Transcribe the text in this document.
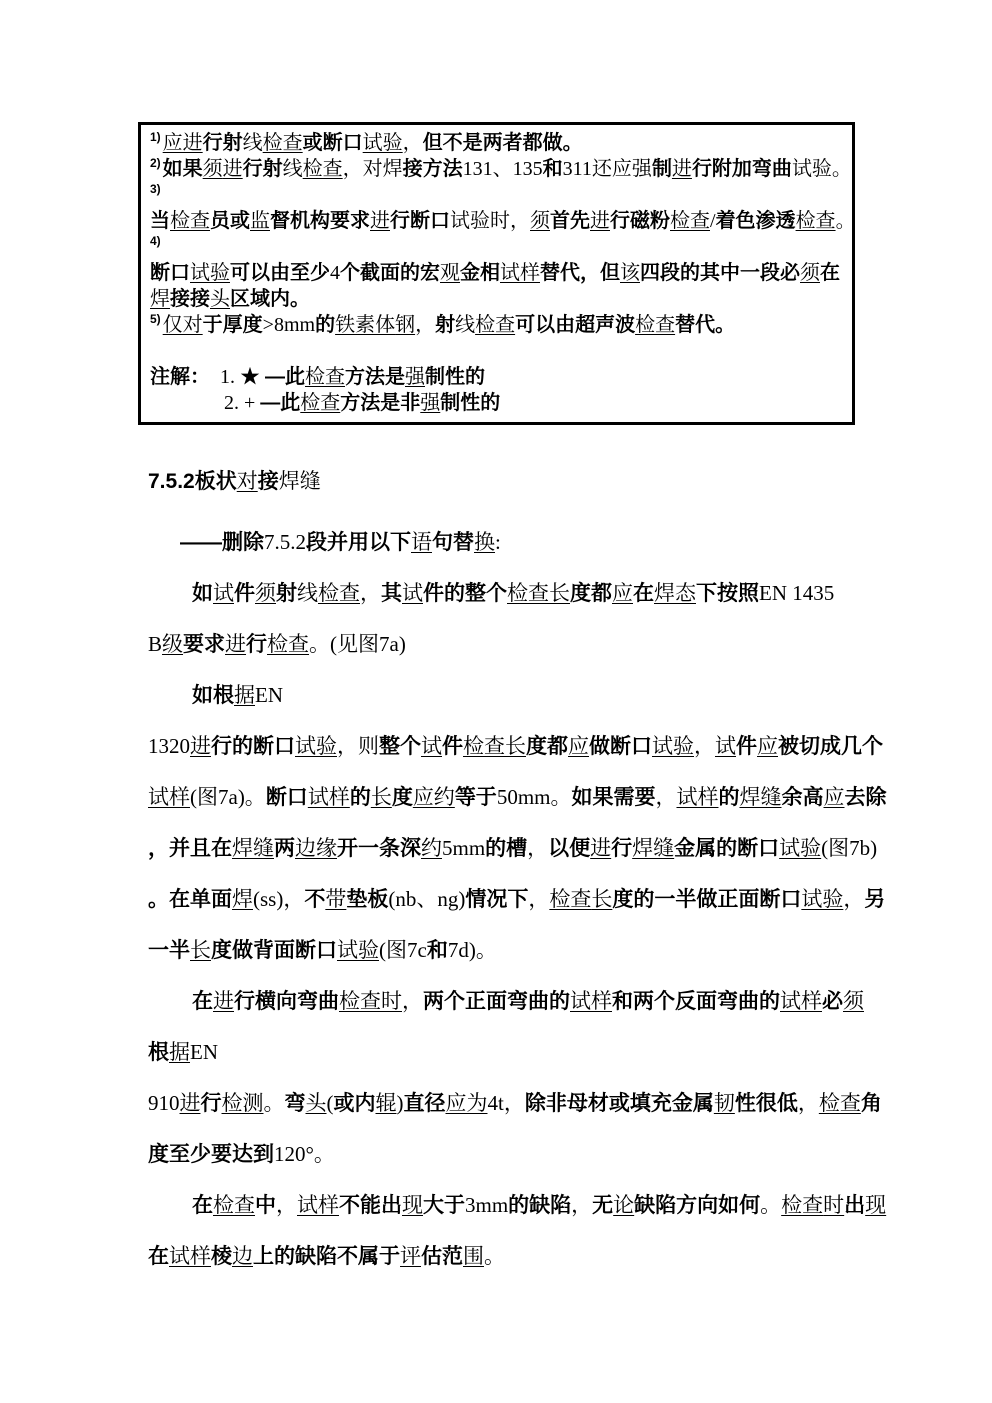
$^{1)}$ 应进行射线检查或断口试验，但不是两者都做。

$^{2)}$ 如果须进行射线检查，对焊接方法131、135和311还应强制进行附加弯曲试验。

$^{3)}$

当检查员或监督机构要求进行断口试验时，须首先进行磁粉检查/着色渗透检查。

$^{4)}$

断口试验可以由至少4个截面的宏观金相试样替代，但该四段的其中一段必须在

焊接接头区域内。

$^{5)}$ 仅对于厚度>8mm的铁素体钢，射线检查可以由超声波检查替代。

注解：　1. ★ —此检查方法是强制性的

2. + —此检查方法是非强制性的

7.5.2板状对接焊缝

——删除7.5.2段并用以下语句替换:

如试件须射线检查，其试件的整个检查长度都应在焊态下按照EN 1435

B级要求进行检查。(见图7a)

如根据EN

1320进行的断口试验，则整个试件检查长度都应做断口试验，试件应被切成几个

试样(图7a)。断口试样的长度应约等于50mm。如果需要，试样的焊缝余高应去除

，并且在焊缝两边缘开一条深约5mm的槽，以便进行焊缝金属的断口试验(图7b)

。在单面焊(ss)，不带垫板(nb、ng)情况下，检查长度的一半做正面断口试验，另

一半长度做背面断口试验(图7c和7d)。

在进行横向弯曲检查时，两个正面弯曲的试样和两个反面弯曲的试样必须

根据EN

910进行检测。弯头(或内辊)直径应为4t，除非母材或填充金属韧性很低，检查角

度至少要达到120°。

在检查中，试样不能出现大于3mm的缺陷，无论缺陷方向如何。检查时出现

在试样棱边上的缺陷不属于评估范围。
